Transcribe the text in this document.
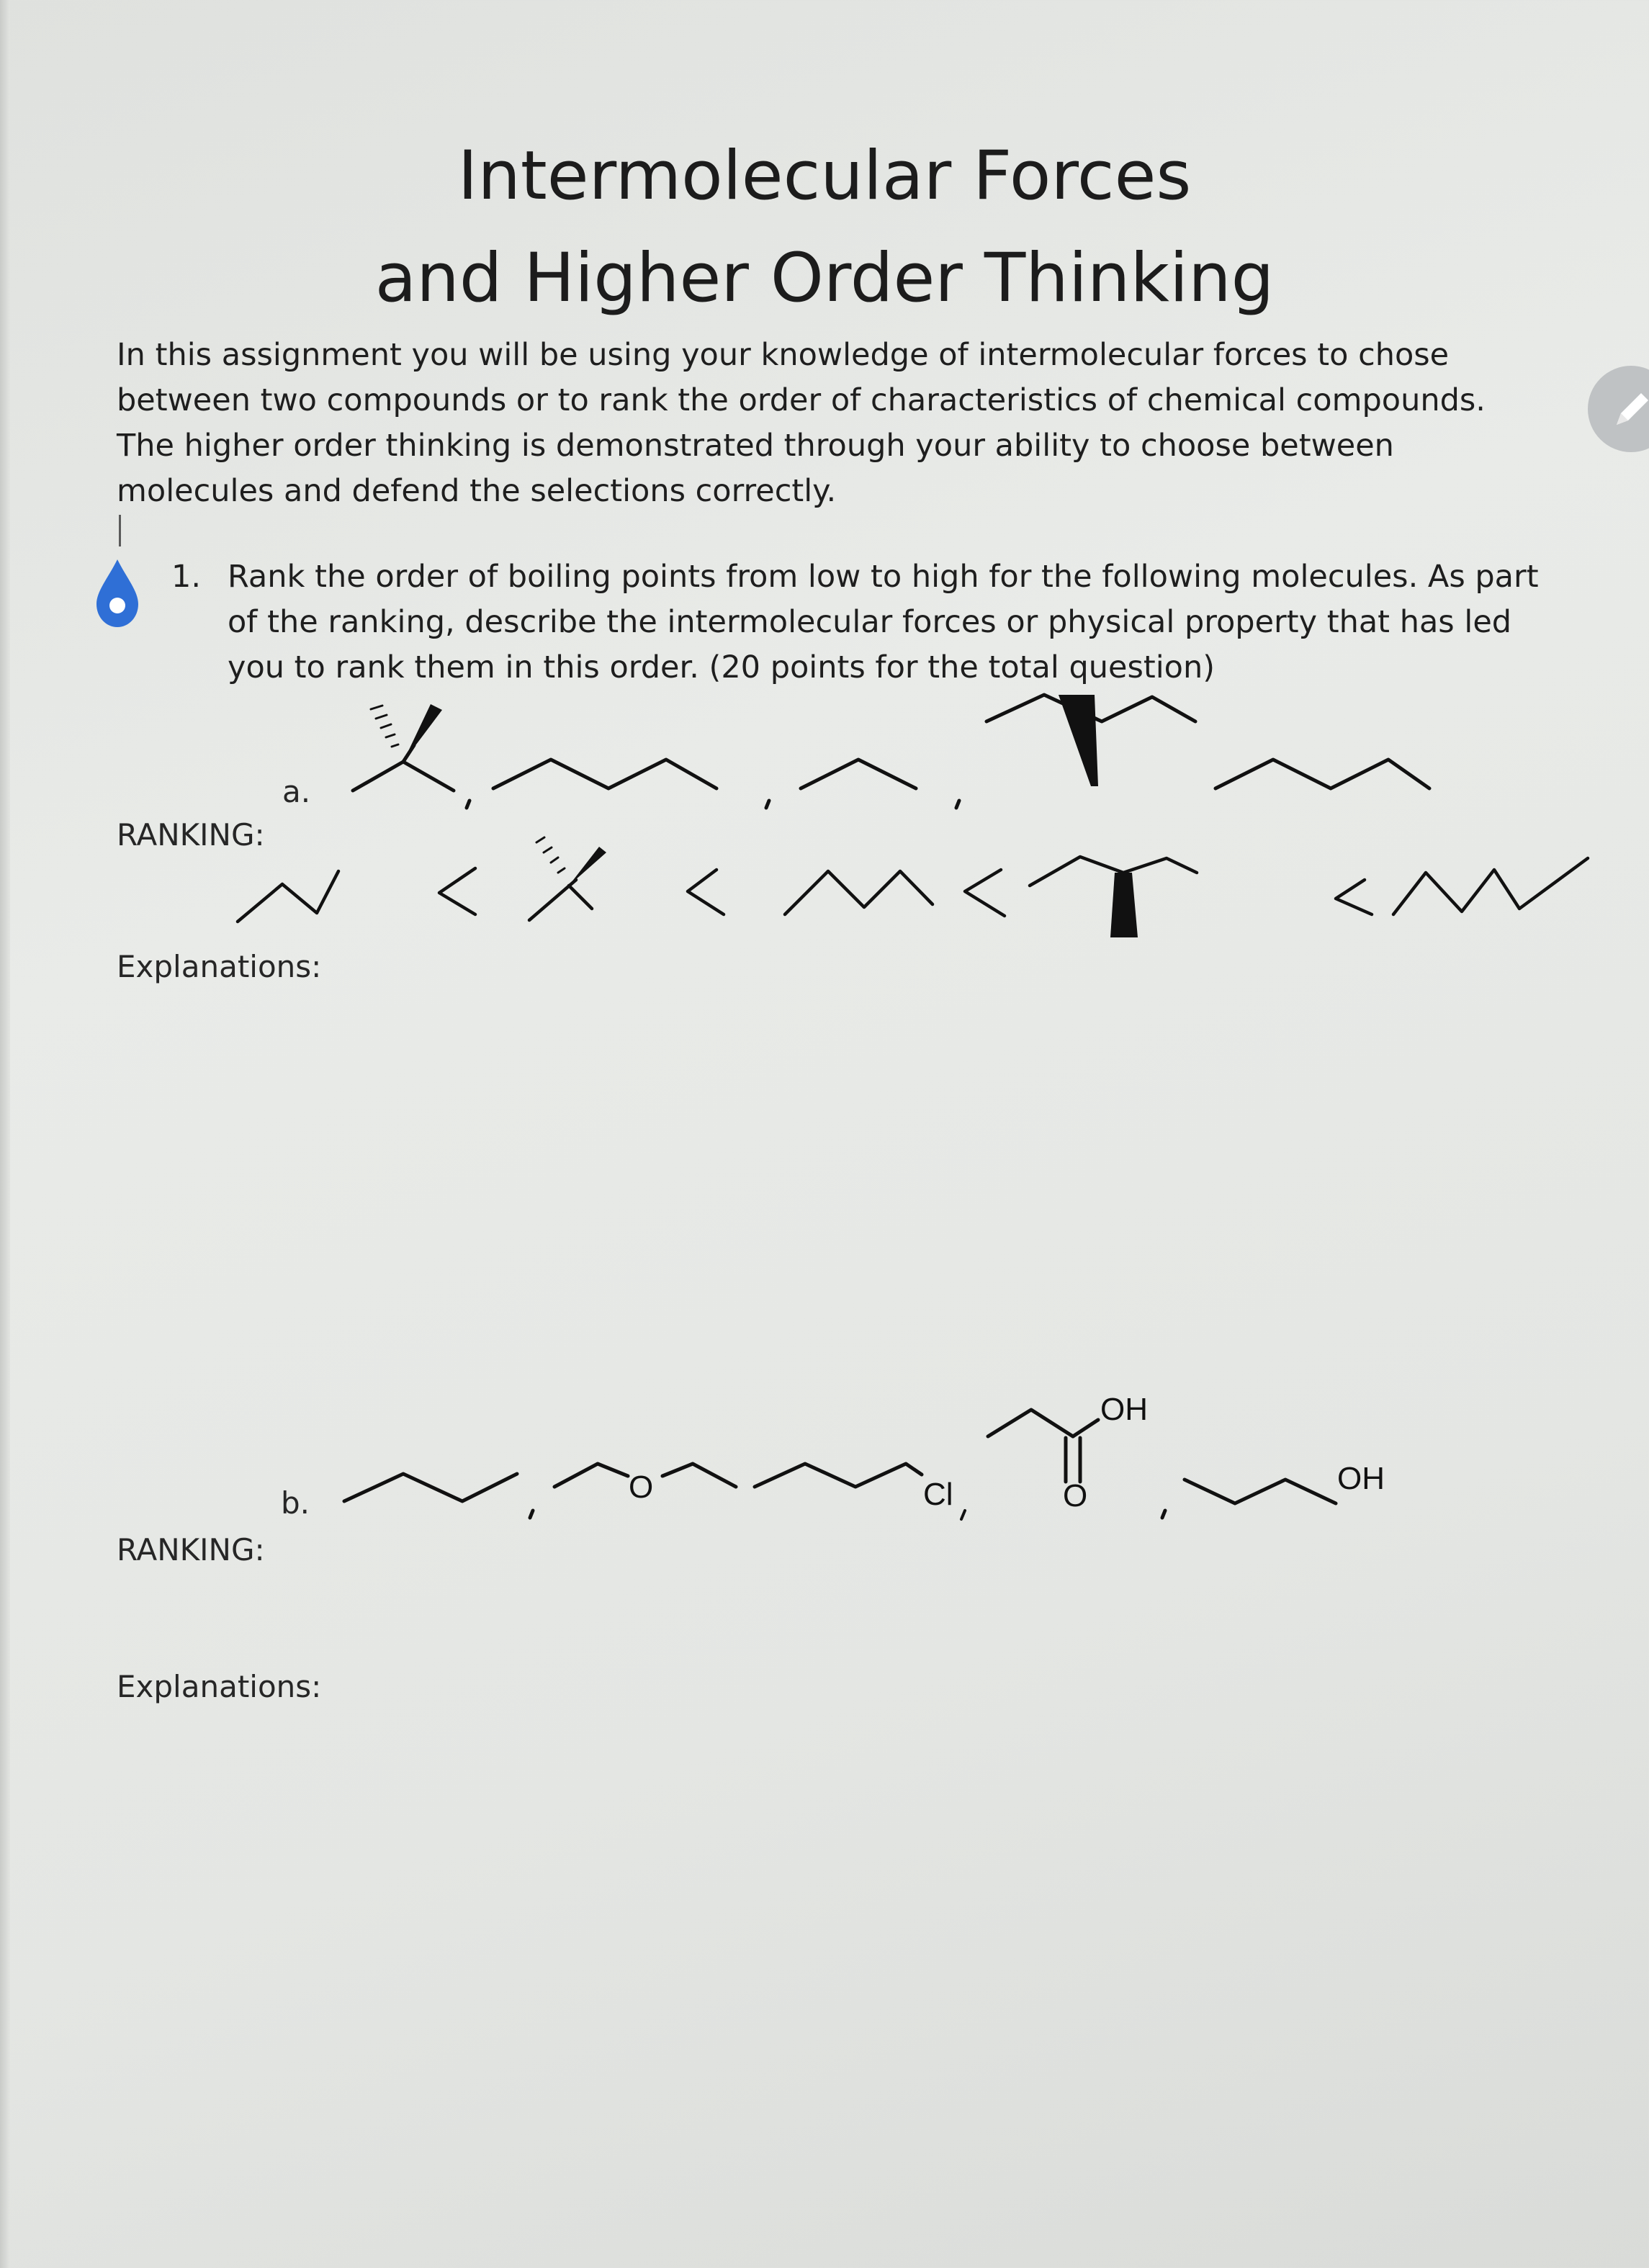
Intermolecular Forces
and Higher Order Thinking

In this assignment you will be using your knowledge of intermolecular forces to chose between two compounds or to rank the order of characteristics of chemical compounds. The higher order thinking is demonstrated through your ability to choose between molecules and defend the selections correctly.

1. Rank the order of boiling points from low to high for the following molecules. As part of the ranking, describe the intermolecular forces or physical property that has led you to rank them in this order. (20 points for the total question)
a.
RANKING:
Explanations:
b.
RANKING:
Explanations:
O	Cl
OH
O	OH
